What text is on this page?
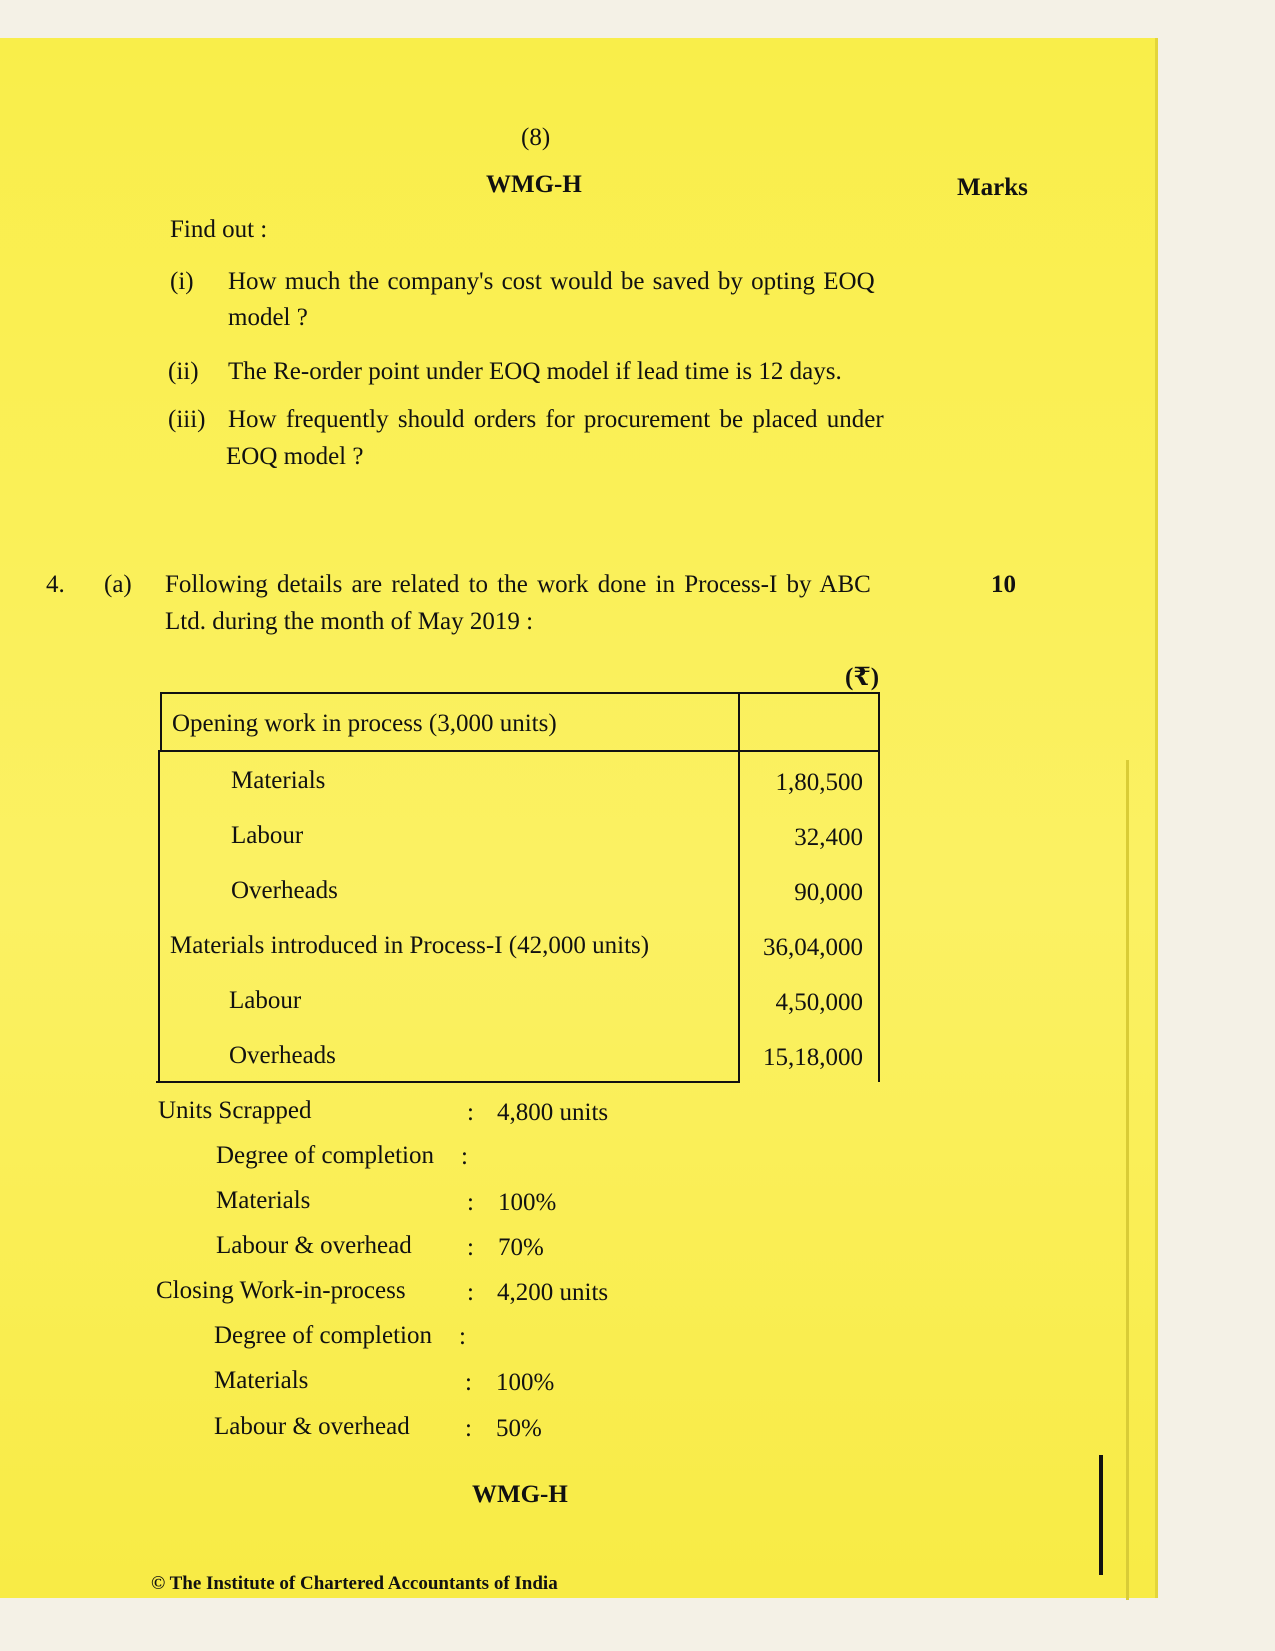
(8)
WMG-H	Marks
Find out :
(i) How much the company's cost would be saved by opting EOQ
model ?
(ii) The Re-order point under EOQ model if lead time is 12 days.
(iii) How frequently should orders for procurement be placed under
EOQ model ?
4. (a) Following details are related to the work done in Process-I by ABC
Ltd. during the month of May 2019 :
10
(₹)
Opening work in process (3,000 units)
Materials	1,80,500
Labour	32,400
Overheads	90,000
Materials introduced in Process-I (42,000 units)	36,04,000
Labour	4,50,000
Overheads	15,18,000
Units Scrapped	: 4,800 units
Degree of completion :
Materials	: 100%
Labour & overhead : 70%
Closing Work-in-process : 4,200 units
Degree of completion :
Materials	: 100%
Labour & overhead : 50%
WMG-H
© The Institute of Chartered Accountants of India
